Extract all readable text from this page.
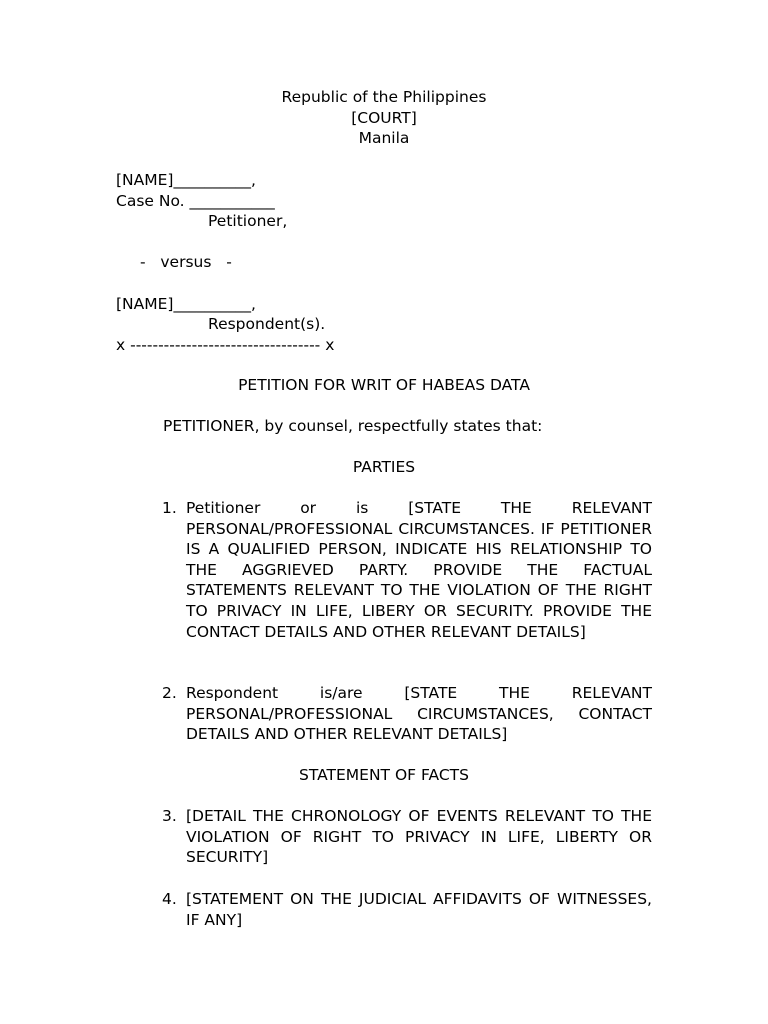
Republic of the Philippines
[COURT]
Manila
[NAME]__________,
Case No. ___________
Petitioner,
-   versus   -
[NAME]__________,
Respondent(s).
x ---------------------------------- x
PETITION FOR WRIT OF HABEAS DATA
PETITIONER, by counsel, respectfully states that:
PARTIES
1. Petitioner or is [STATE THE RELEVANT PERSONAL/PROFESSIONAL CIRCUMSTANCES. IF PETITIONER IS A QUALIFIED PERSON, INDICATE HIS RELATIONSHIP TO THE AGGRIEVED PARTY. PROVIDE THE FACTUAL STATEMENTS RELEVANT TO THE VIOLATION OF THE RIGHT TO PRIVACY IN LIFE, LIBERY OR SECURITY. PROVIDE THE CONTACT DETAILS AND OTHER RELEVANT DETAILS]
2. Respondent is/are [STATE THE RELEVANT PERSONAL/PROFESSIONAL CIRCUMSTANCES, CONTACT DETAILS AND OTHER RELEVANT DETAILS]
STATEMENT OF FACTS
3. [DETAIL THE CHRONOLOGY OF EVENTS RELEVANT TO THE VIOLATION OF RIGHT TO PRIVACY IN LIFE, LIBERTY OR SECURITY]
4. [STATEMENT ON THE JUDICIAL AFFIDAVITS OF WITNESSES, IF ANY]
